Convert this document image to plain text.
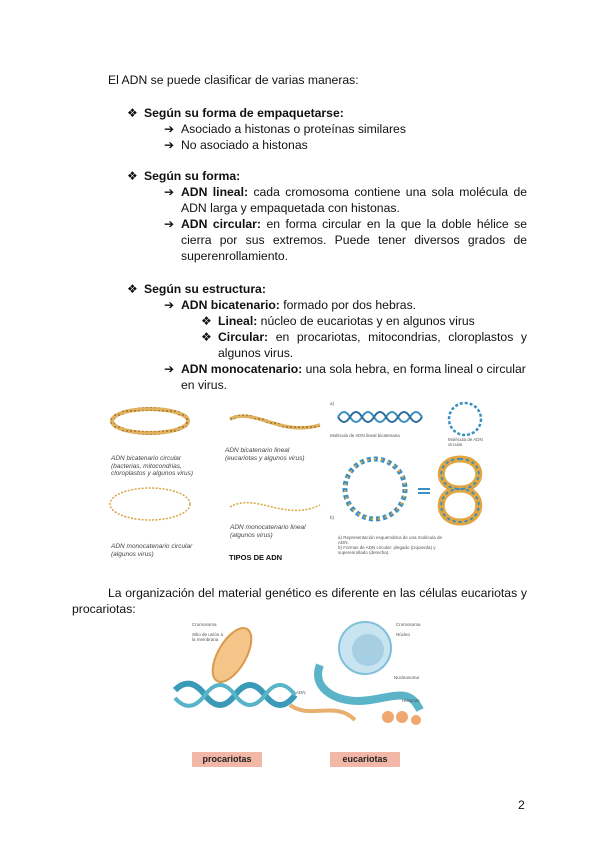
El ADN se puede clasificar de varias maneras:
❖ Según su forma de empaquetarse:
➔ Asociado a histonas o proteínas similares
➔ No asociado a histonas
❖ Según su forma:
➔ ADN lineal: cada cromosoma contiene una sola molécula de ADN larga y empaquetada con histonas.
➔ ADN circular: en forma circular en la que la doble hélice se cierra por sus extremos. Puede tener diversos grados de superenrollamiento.
❖ Según su estructura:
➔ ADN bicatenario: formado por dos hebras.
❖ Lineal: núcleo de eucariotas y en algunos virus
❖ Circular: en procariotas, mitocondrias, cloroplastos y algunos virus.
➔ ADN monocatenario: una sola hebra, en forma lineal o circular en virus.
ADN bicatenario circular (bacterias, mitocondrias, cloroplastos y algunos virus)
ADN bicatenario lineal (eucariotas y algunos virus)
ADN monocatenario circular (algunos virus)
ADN monocatenario lineal (algunos virus)
TIPOS DE ADN
a)
Molécula de ADN lineal bicatenaria
Molécula de ADN circular
b)
a) Representación esquemática de una molécula de ADN.
b) Formas de ADN circular: plegado (izquierda) y superenrollado (derecha).
La organización del material genético es diferente en las células eucariotas y procariotas:
Cromosoma
Sitio de unión a la membrana
ADN
Cromosoma
Núcleo
Nucleosoma
Histonas
procariotas	eucariotas
2
